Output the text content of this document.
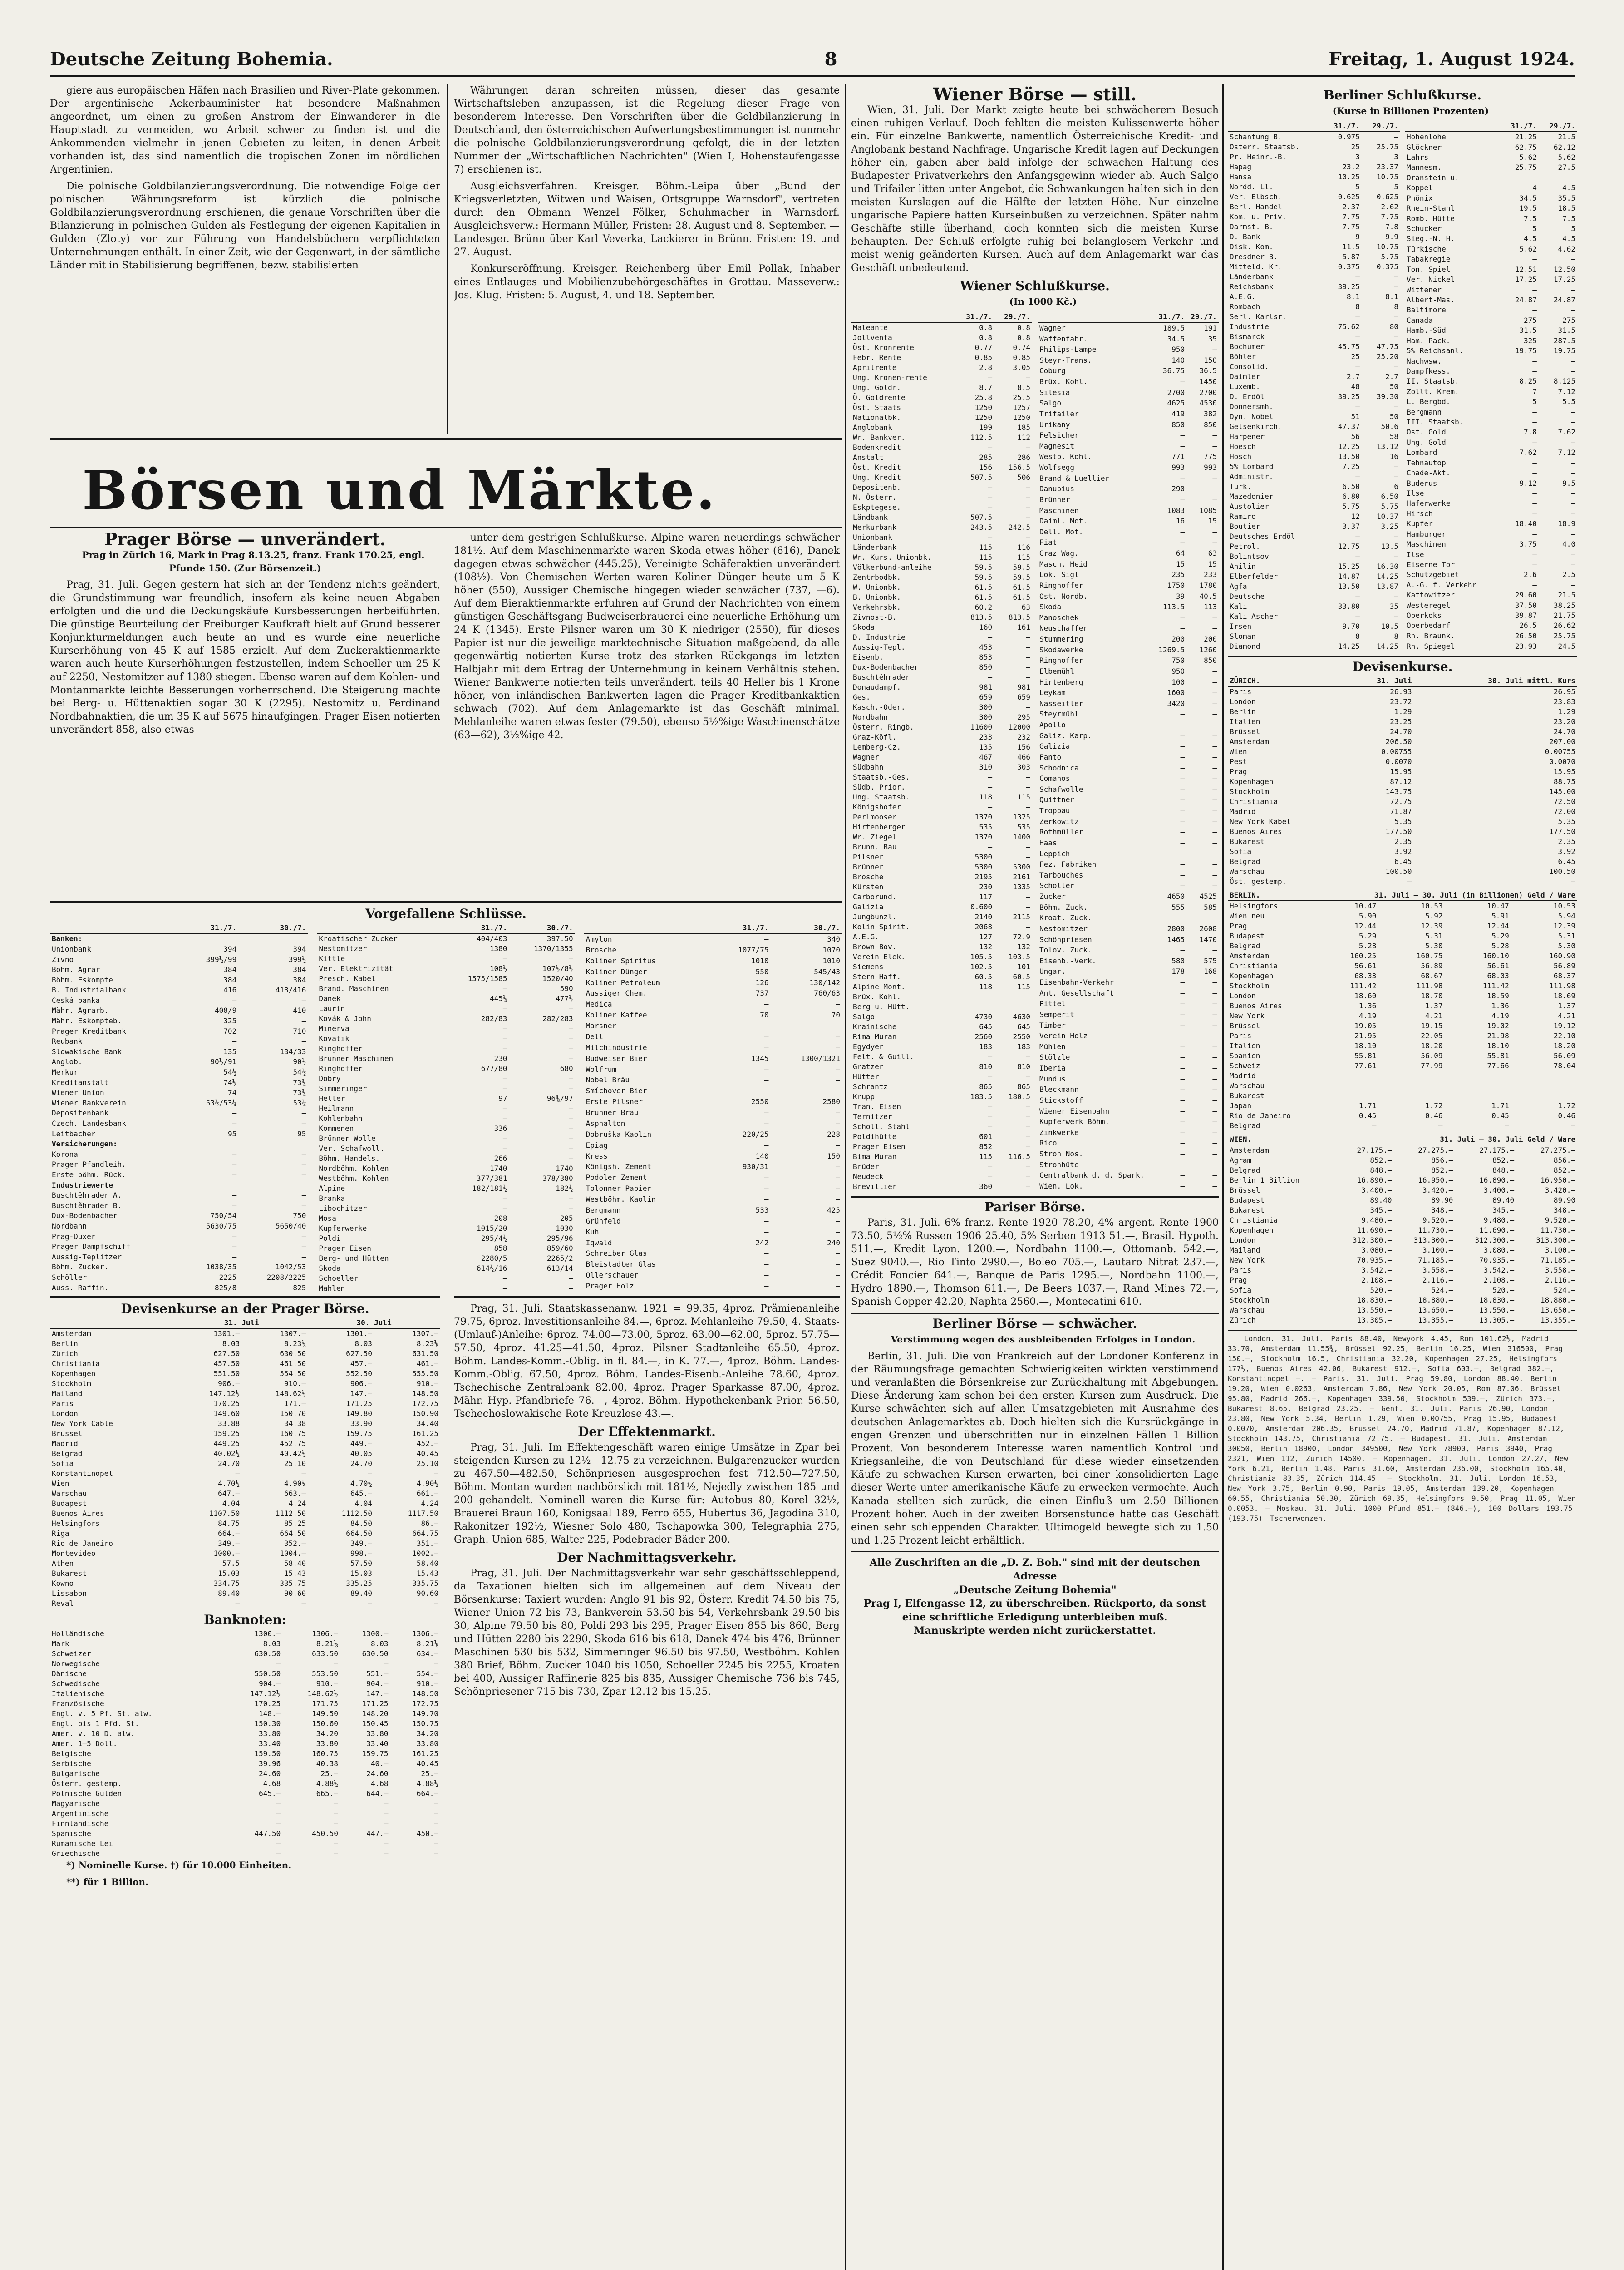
Deutsche Zeitung Bohemia.	8	Freitag, 1. August 1924.

giere aus europäischen Häfen nach Brasilien und River-Plate gekommen. Der argentinische Ackerbauminister hat besondere Maßnahmen angeordnet, um einen zu großen Anstrom der Einwanderer in die Hauptstadt zu vermeiden, wo Arbeit schwer zu finden ist und die Ankommenden vielmehr in jenen Gebieten zu leiten, in denen Arbeit vorhanden ist, das sind namentlich die tropischen Zonen im nördlichen Argentinien.

Die polnische Goldbilanzierungsverordnung. Die notwendige Folge der polnischen Währungsreform ist kürzlich die polnische Goldbilanzierungsverordnung erschienen, die genaue Vorschriften über die Bilanzierung in polnischen Gulden als Festlegung der eigenen Kapitalien in Gulden (Zloty) vor zur Führung von Handelsbüchern verpflichteten Unternehmungen enthält. In einer Zeit, wie der Gegenwart, in der sämtliche Länder mit in Stabilisierung begriffenen, bezw. stabilisierten

Währungen daran schreiten müssen, dieser das gesamte Wirtschaftsleben anzupassen, ist die Regelung dieser Frage von besonderem Interesse. Den Vorschriften über die Goldbilanzierung in Deutschland, den österreichischen Aufwertungsbestimmungen ist nunmehr die polnische Goldbilanzierungsverordnung gefolgt, die in der letzten Nummer der „Wirtschaftlichen Nachrichten" (Wien I, Hohenstaufengasse 7) erschienen ist.

Ausgleichsverfahren. Kreisger. Böhm.-Leipa über „Bund der Kriegsverletzten, Witwen und Waisen, Ortsgruppe Warnsdorf", vertreten durch den Obmann Wenzel Fölker, Schuhmacher in Warnsdorf. Ausgleichsverw.: Hermann Müller, Fristen: 28. August und 8. September. — Landesger. Brünn über Karl Veverka, Lackierer in Brünn. Fristen: 19. und 27. August.

Konkurseröffnung. Kreisger. Reichenberg über Emil Pollak, Inhaber eines Entlauges und Mobilienzubehörgeschäftes in Grottau. Masseverw.: Jos. Klug. Fristen: 5. August, 4. und 18. September.

Börsen und Märkte.
Prager Börse — unverändert.

Prag in Zürich 16, Mark in Prag 8.13.25, franz. Frank 170.25, engl. Pfunde 150. (Zur Börsenzeit.)

Prag, 31. Juli. Gegen gestern hat sich an der Tendenz nichts geändert, die Grundstimmung war freundlich, insofern als keine neuen Abgaben erfolgten und die und die Deckungskäufe Kursbesserungen herbeiführten. Die günstige Beurteilung der Freiburger Kaufkraft hielt auf Grund besserer Konjunkturmeldungen auch heute an und es wurde eine neuerliche Kurserhöhung von 45 K auf 1585 erzielt. Auf dem Zuckeraktienmarkte waren auch heute Kurserhöhungen festzustellen, indem Schoeller um 25 K auf 2250, Nestomitzer auf 1380 stiegen. Ebenso waren auf dem Kohlen- und Montanmarkte leichte Besserungen vorherrschend. Die Steigerung machte bei Berg- u. Hüttenaktien sogar 30 K (2295). Nestomitz u. Ferdinand Nordbahnaktien, die um 35 K auf 5675 hinaufgingen. Prager Eisen notierten unverändert 858, also etwas

unter dem gestrigen Schlußkurse. Alpine waren neuerdings schwächer 181½. Auf dem Maschinenmarkte waren Skoda etwas höher (616), Danek dagegen etwas schwächer (445.25), Vereinigte Schäferaktien unverändert (108½). Von Chemischen Werten waren Koliner Dünger heute um 5 K höher (550), Aussiger Chemische hingegen wieder schwächer (737, —6). Auf dem Bieraktienmarkte erfuhren auf Grund der Nachrichten von einem günstigen Geschäftsgang Budweiserbrauerei eine neuerliche Erhöhung um 24 K (1345). Erste Pilsner waren um 30 K niedriger (2550), für dieses Papier ist nur die jeweilige marktechnische Situation maßgebend, da alle gegenwärtig notierten Kurse trotz des starken Rückgangs im letzten Halbjahr mit dem Ertrag der Unternehmung in keinem Verhältnis stehen. Wiener Bankwerte notierten teils unverändert, teils 40 Heller bis 1 Krone höher, von inländischen Bankwerten lagen die Prager Kreditbankaktien schwach (702). Auf dem Anlagemarkte ist das Geschäft minimal. Mehlanleihe waren etwas fester (79.50), ebenso 5½%ige Waschinenschätze (63—62), 3½%ige 42.

Vorgefallene Schlüsse.
	31./7.	30./7.
Banken:		
Unionbank	394	394
Zivno	399½/99	399½
Böhm. Agrar	384	384
Böhm. Eskompte	384	384
B. Industrialbank	416	413/416
Ceská banka	—	—
Mähr. Agrarb.	408/9	410
Mähr. Eskompteb.	325	—
Prager Kreditbank	702	710
Reubank	—	—
Slowakische Bank	135	134/33
Anglob.	90½/91	90½
Merkur	54½	54½
Kreditanstalt	74½	73¾
Wiener Union	74	73¾
Wiener Bankverein	53½/53¼	53¼
Depositenbank	—	—
Czech. Landesbank	—	—
Leitbacher	95	95
Versicherungen:		
Korona	—	—
Prager Pfandleih.	—	—
Erste böhm. Rück.	—	—
Industriewerte		
Buschtěhrader A.	—	—
Buschtěhrader B.	—	—
Dux-Bodenbacher	750/54	750
Nordbahn	5630/75	5650/40
Prag-Duxer	—	—
Prager Dampfschiff	—	—
Aussig-Teplitzer	—	—
Böhm. Zucker.	1038/35	1042/53
Schöller	2225	2208/2225
Auss. Raffin.	825/8	825

	31./7.	30./7.
Kroatischer Zucker	404/403	397.50
Nestomitzer	1380	1370/1355
Kittle	—	—
Ver. Elektrizität	108½	107½/8½
Presch. Kabel	1575/1585	1520/40
Brand. Maschinen	—	590
Danek	445¼	477½
Laurin	—	—
Kovák & John	282/83	282/283
Minerva	—	—
Kovatik	—	—
Ringhoffer	—	—
Brünner Maschinen	230	—
Ringhoffer	677/80	680
Dobry	—	—
Simmeringer	—	—
Heller	97	96⅜/97
Heilmann	—	—
Kohlenbahn	—	—
Kommenen	336	—
Brünner Wolle	—	—
Ver. Schafwoll.	—	—
Böhm. Handels.	266	—
Nordböhm. Kohlen	1740	1740
Westböhm. Kohlen	377/381	378/380
Alpine	182/181½	182½
Branka	—	—
Libochitzer	—	—
Mosa	208	205
Kupferwerke	1015/20	1030
Poldi	295/4½	295/96
Prager Eisen	858	859/60
Berg- und Hütten	2280/5	2265/2
Skoda	614½/16	613/14
Schoeller	—	—
Mahlen	—	—

	31./7.	30./7.
Amylon	—	340
Brosche	1077/75	1070
Koliner Spiritus	1010	1010
Koliner Dünger	550	545/43
Koliner Petroleum	126	130/142
Aussiger Chem.	737	760/63
Medica	—	—
Koliner Kaffee	70	70
Marsner	—	—
Dell	—	—
Milchindustrie	—	—
Budweiser Bier	1345	1300/1321
Wolfrum	—	—
Nobel Bräu	—	—
Smíchover Bier	—	—
Erste Pilsner	2550	2580
Brünner Bräu	—	—
Asphalton	—	—
Dobruška Kaolin	220/25	228
Epiag	—	—
Kress	140	150
Königsh. Zement	930/31	—
Podoler Zement	—	—
Tolonner Papier	—	—
Westböhm. Kaolin	—	—
Bergmann	533	425
Grünfeld	—	—
Kuh	—	—
Iqwald	242	240
Schreiber Glas	—	—
Bleistadter Glas	—	—
Ollerschauer	—	—
Prager Holz	—	—

Devisenkurse an der Prager Börse.
	31. Juli		30. Juli	
Amsterdam	1301.—	1307.—	1301.—	1307.—
Berlin	8.03	8.23⅛	8.03	8.23⅛
Zürich	627.50	630.50	627.50	631.50
Christiania	457.50	461.50	457.—	461.—
Kopenhagen	551.50	554.50	552.50	555.50
Stockholm	906.—	910.—	906.—	910.—
Mailand	147.12½	148.62½	147.—	148.50
Paris	170.25	171.—	171.25	172.75
London	149.60	150.70	149.80	150.90
New York Cable	33.88	34.38	33.90	34.40
Brüssel	159.25	160.75	159.75	161.25
Madrid	449.25	452.75	449.—	452.—
Belgrad	40.02½	40.42½	40.05	40.45
Sofia	24.70	25.10	24.70	25.10
Konstantinopel	—	—	—	—
Wien	4.70½	4.90¼	4.70½	4.90½
Warschau	647.—	663.—	645.—	661.—
Budapest	4.04	4.24	4.04	4.24
Buenos Aires	1107.50	1112.50	1112.50	1117.50
Helsingfors	84.75	85.25	84.50	86.—
Riga	664.—	664.50	664.50	664.75
Rio de Janeiro	349.—	352.—	349.—	351.—
Montevideo	1000.—	1004.—	998.—	1002.—
Athen	57.5	58.40	57.50	58.40
Bukarest	15.03	15.43	15.03	15.43
Kowno	334.75	335.75	335.25	335.75
Lissabon	89.40	90.60	89.40	90.60
Reval	—	—	—	—
Banknoten:
Holländische	1300.—	1306.—	1300.—	1306.—
Mark	8.03	8.21⅛	8.03	8.21⅛
Schweizer	630.50	633.50	630.50	634.—
Norwegische	—	—	—	—
Dänische	550.50	553.50	551.—	554.—
Schwedische	904.—	910.—	904.—	910.—
Italienische	147.12½	148.62½	147.—	148.50
Französische	170.25	171.75	171.25	172.75
Engl. v. 5 Pf. St. alw.	148.—	149.50	148.20	149.70
Engl. bis 1 Pfd. St.	150.30	150.60	150.45	150.75
Amer. v. 10 D. alw.	33.80	34.20	33.80	34.20
Amer. 1—5 Doll.	33.40	33.80	33.40	33.80
Belgische	159.50	160.75	159.75	161.25
Serbische	39.96	40.38	40.—	40.45
Bulgarische	24.60	25.—	24.60	25.—
Österr. gestemp.	4.68	4.88½	4.68	4.88½
Polnische Gulden	645.—	665.—	644.—	664.—
Magyarische	—	—	—	—
Argentinische	—	—	—	—
Finnländische	—	—	—	—
Spanische	447.50	450.50	447.—	450.—
Rumänische Lei	—	—	—	—
Griechische	—	—	—	—

*) Nominelle Kurse. †) für 10.000 Einheiten.

**) für 1 Billion.

Prag, 31. Juli. Staatskassenanw. 1921 = 99.35, 4proz. Prämienanleihe 79.75, 6proz. Investitionsanleihe 84.—, 6proz. Mehlanleihe 79.50, 4. Staats-(Umlauf-)Anleihe: 6proz. 74.00—73.00, 5proz. 63.00—62.00, 5proz. 57.75—57.50, 4proz. 41.25—41.50, 4proz. Pilsner Stadtanleihe 65.50, 4proz. Böhm. Landes-Komm.-Oblig. in fl. 84.—, in K. 77.—, 4proz. Böhm. Landes-Komm.-Oblig. 67.50, 4proz. Böhm. Landes-Eisenb.-Anleihe 78.60, 4proz. Tschechische Zentralbank 82.00, 4proz. Prager Sparkasse 87.00, 4proz. Mähr. Hyp.-Pfandbriefe 76.—, 4proz. Böhm. Hypothekenbank Prior. 56.50, Tschechoslowakische Rote Kreuzlose 43.—.

Der Effektenmarkt.

Prag, 31. Juli. Im Effektengeschäft waren einige Umsätze in Zpar bei steigenden Kursen zu 12½—12.75 zu verzeichnen. Bulgarenzucker wurden zu 467.50—482.50, Schönpriesen ausgesprochen fest 712.50—727.50, Böhm. Montan wurden nachbörslich mit 181½, Nejedly zwischen 185 und 200 gehandelt. Nominell waren die Kurse für: Autobus 80, Korel 32½, Brauerei Braun 160, Konigsaal 189, Ferro 655, Hubertus 36, Jagodina 310, Rakonitzer 192½, Wiesner Solo 480, Tschapowka 300, Telegraphia 275, Graph. Union 685, Walter 225, Podebrader Bäder 200.

Der Nachmittagsverkehr.

Prag, 31. Juli. Der Nachmittagsverkehr war sehr geschäftsschleppend, da Taxationen hielten sich im allgemeinen auf dem Niveau der Börsenkurse: Taxiert wurden: Anglo 91 bis 92, Österr. Kredit 74.50 bis 75, Wiener Union 72 bis 73, Bankverein 53.50 bis 54, Verkehrsbank 29.50 bis 30, Alpine 79.50 bis 80, Poldi 293 bis 295, Prager Eisen 855 bis 860, Berg und Hütten 2280 bis 2290, Skoda 616 bis 618, Danek 474 bis 476, Brünner Maschinen 530 bis 532, Simmeringer 96.50 bis 97.50, Westböhm. Kohlen 380 Brief, Böhm. Zucker 1040 bis 1050, Schoeller 2245 bis 2255, Kroaten bei 400, Aussiger Raffinerie 825 bis 835, Aussiger Chemische 736 bis 745, Schönpriesener 715 bis 730, Zpar 12.12 bis 15.25.

Wiener Börse — still.

Wien, 31. Juli. Der Markt zeigte heute bei schwächerem Besuch einen ruhigen Verlauf. Doch fehlten die meisten Kulissenwerte höher ein. Für einzelne Bankwerte, namentlich Österreichische Kredit- und Anglobank bestand Nachfrage. Ungarische Kredit lagen auf Deckungen höher ein, gaben aber bald infolge der schwachen Haltung des Budapester Privatverkehrs den Anfangsgewinn wieder ab. Auch Salgo und Trifailer litten unter Angebot, die Schwankungen halten sich in den meisten Kurslagen auf die Hälfte der letzten Höhe. Nur einzelne ungarische Papiere hatten Kurseinbußen zu verzeichnen. Später nahm Geschäfte stille überhand, doch konnten sich die meisten Kurse behaupten. Der Schluß erfolgte ruhig bei belanglosem Verkehr und meist wenig geänderten Kursen. Auch auf dem Anlagemarkt war das Geschäft unbedeutend.

Wiener Schlußkurse.

(In 1000 Kč.)

	31./7.	29./7.
Maleante	0.8	0.8
Jollventa	0.8	0.8
Öst. Kronrente	0.77	0.74
Febr. Rente	0.85	0.85
Aprilrente	2.8	3.05
Ung. Kronen-rente	—	—
Ung. Goldr.	8.7	8.5
Ö. Goldrente	25.8	25.5
Öst. Staats	1250	1257
Nationalbk.	1250	1250
Anglobank	199	185
Wr. Bankver.	112.5	112
Bodenkredit	—	—
Anstalt	285	286
Öst. Kredit	156	156.5
Ung. Kredit	507.5	506
Depositenb.	—	—
N. Österr.	—	—
Eskptegese.	—	—
Ländbank	507.5	—
Merkurbank	243.5	242.5
Unionbank	—	—
Länderbank	115	116
Wr. Kurs. Unionbk.	115	115
Völkerbund-anleihe	59.5	59.5
Zentrbodbk.	59.5	59.5
W. Unionbk.	61.5	61.5
B. Unionbk.	61.5	61.5
Verkehrsbk.	60.2	63
Zivnost-B.	813.5	813.5
Skoda	160	161
D. Industrie	—	—
Aussig-Tepl.	453	—
Eisenb.	853	—
Dux-Bodenbacher	850	—
Buschtěhrader	—	—
Donaudampf.	981	981
Ges.	659	659
Kasch.-Oder.	300	—
Nordbahn	300	295
Österr. Ringb.	11600	12000
Graz-Köfl.	233	232
Lemberg-Cz.	135	156
Wagner	467	466
Südbahn	310	303
Staatsb.-Ges.	—	—
Südb. Prior.	—	—
Ung. Staatsb.	118	115
Königshofer	—	—
Perlmooser	1370	1325
Hirtenberger	535	535
Wr. Ziegel	1370	1400
Brunn. Bau	—	—
Pilsner	5300	—
Brünner	5300	5300
Brosche	2195	2161
Kürsten	230	1335
Carborund.	117	—
Galizia	0.600	—
Jungbunzl.	2140	2115
Kolin Spirit.	2068	—
A.E.G.	127	72.9
Brown-Bov.	132	132
Verein Elek.	105.5	103.5
Siemens	102.5	101
Stern-Haff.	60.5	60.5
Alpine Mont.	118	115
Brüx. Kohl.	—	—
Berg-u. Hütt.	—	—
Salgo	4730	4630
Krainische	645	645
Rima Muran	2560	2550
Egydyer	183	183
Felt. & Guill.	—	—
Gratzer	810	810
Hütter	—	—
Schrantz	865	865
Krupp	183.5	180.5
Tran. Eisen	—	—
Ternitzer	—	—
Scholl. Stahl	—	—
Poldihütte	601	—
Prager Eisen	852	—
Bima Muran	115	116.5
Brüder	—	—
Neudeck	—	—
Brevillier	360	—
	31./7.	29./7.
Wagner	189.5	191
Waffenfabr.	34.5	35
Philips-Lampe	950	—
Steyr-Trans.	140	150
Coburg	36.75	36.5
Brüx. Kohl.	—	1450
Silesia	2700	2700
Salgo	4625	4530
Trifailer	419	382
Urikany	850	850
Felsicher	—	—
Magnesit	—	—
Westb. Kohl.	771	775
Wolfsegg	993	993
Brand & Luellier	—	—
Danubius	290	—
Brünner	—	—
Maschinen	1083	1085
Daiml. Mot.	16	15
Dell. Mot.	—	—
Fiat	—	—
Graz Wag.	64	63
Masch. Heid	15	15
Lok. Sigl	235	233
Ringhoffer	1750	1780
Ost. Nordb.	39	40.5
Skoda	113.5	113
Manoschek	—	—
Neuschaffer	—	—
Stummering	200	200
Skodawerke	1269.5	1260
Ringhoffer	750	850
Elbemühl	950	—
Hirtenberg	100	—
Leykam	1600	—
Nasseitler	3420	—
Steyrmühl	—	—
Apollo	—	—
Galiz. Karp.	—	—
Galizia	—	—
Fanto	—	—
Schodnica	—	—
Comanos	—	—
Schafwolle	—	—
Quittner	—	—
Troppau	—	—
Zerkowitz	—	—
Rothmüller	—	—
Haas	—	—
Leppich	—	—
Fez. Fabriken	—	—
Tarbouches	—	—
Schöller	—	—
Zucker	4650	4525
Böhm. Zuck.	555	585
Kroat. Zuck.	—	—
Nestomitzer	2800	2608
Schönpriesen	1465	1470
Tolov. Zuck.	—	—
Eisenb.-Verk.	580	575
Ungar.	178	168
Eisenbahn-Verkehr	—	—
Ant. Gesellschaft	—	—
Pittel	—	—
Semperit	—	—
Timber	—	—
Verein Holz	—	—
Mühlen	—	—
Stölzle	—	—
Iberia	—	—
Mundus	—	—
Bleckmann	—	—
Stickstoff	—	—
Wiener Eisenbahn	—	—
Kupferwerk Böhm.	—	—
Zinkwerke	—	—
Rico	—	—
Stroh Nos.	—	—
Strohhüte	—	—
Centralbank d. d. Spark.	—	—
Wien. Lok.	—	—
Pariser Börse.

Paris, 31. Juli. 6% franz. Rente 1920 78.20, 4% argent. Rente 1900 73.50, 5½% Russen 1906 25.40, 5% Serben 1913 51.—, Brasil. Hypoth. 511.—, Kredit Lyon. 1200.—, Nordbahn 1100.—, Ottomanb. 542.—, Suez 9040.—, Rio Tinto 2990.—, Boleo 705.—, Lautaro Nitrat 237.—, Crédit Foncier 641.—, Banque de Paris 1295.—, Nordbahn 1100.—, Hydro 1890.—, Thomson 611.—, De Beers 1037.—, Rand Mines 72.—, Spanish Copper 42.20, Naphta 2560.—, Montecatini 610.

Berliner Börse — schwächer.

Verstimmung wegen des ausbleibenden Erfolges in London.

Berlin, 31. Juli. Die von Frankreich auf der Londoner Konferenz in der Räumungsfrage gemachten Schwierigkeiten wirkten verstimmend und veranlaßten die Börsenkreise zur Zurückhaltung mit Abgebungen. Diese Änderung kam schon bei den ersten Kursen zum Ausdruck. Die Kurse schwächten sich auf allen Umsatzgebieten mit Ausnahme des deutschen Anlagemarktes ab. Doch hielten sich die Kursrückgänge in engen Grenzen und überschritten nur in einzelnen Fällen 1 Billion Prozent. Von besonderem Interesse waren namentlich Kontrol und Kriegsanleihe, die von Deutschland für diese wieder einsetzenden Käufe zu schwachen Kursen erwarten, bei einer konsolidierten Lage dieser Werte unter amerikanische Käufe zu erwecken vermochte. Auch Kanada stellten sich zurück, die einen Einfluß um 2.50 Billionen Prozent höher. Auch in der zweiten Börsenstunde hatte das Geschäft einen sehr schleppenden Charakter. Ultimogeld bewegte sich zu 1.50 und 1.25 Prozent leicht erhältlich.

Alle Zuschriften an die „D. Z. Boh." sind mit der deutschen Adresse
„Deutsche Zeitung Bohemia"
Prag I, Elfengasse 12, zu überschreiben. Rückporto, da sonst eine schriftliche Erledigung unterbleiben muß.
Manuskripte werden nicht zurückerstattet.
Berliner Schlußkurse.

(Kurse in Billionen Prozenten)

	31./7.	29./7.
Schantung B.	0.975	—
Österr. Staatsb.	25	25.75
Pr. Heinr.-B.	3	3
Hapag	23.2	23.37
Hansa	10.25	10.75
Nordd. Ll.	5	5
Ver. Elbsch.	0.625	0.625
Berl. Handel	2.37	2.62
Kom. u. Priv.	7.75	7.75
Darmst. B.	7.75	7.8
D. Bank	9	9.9
Disk.-Kom.	11.5	10.75
Dresdner B.	5.87	5.75
Mitteld. Kr.	0.375	0.375
Länderbank	—	—
Reichsbank	39.25	—
A.E.G.	8.1	8.1
Rombach	8	8
Serl. Karlsr.	—	—
Industrie	75.62	80
Bismarck	—	—
Bochumer	45.75	47.75
Böhler	25	25.20
Consolid.	—	—
Daimler	2.7	2.7
Luxemb.	48	50
D. Erdöl	39.25	39.30
Donnersmh.	—	—
Dyn. Nobel	51	50
Gelsenkirch.	47.37	50.6
Harpener	56	58
Hoesch	12.25	13.12
Hösch	13.50	16
5% Lombard	7.25	—
Administr.	—	—
Türk.	6.50	6
Mazedonier	6.80	6.50
Austolier	5.75	5.75
Ramiro	12	10.37
Boutier	3.37	3.25
Deutsches Erdöl	—	—
Petrol.	12.75	13.5
Bolintsov	—	—
Anilin	15.25	16.30
Elberfelder	14.87	14.25
Agfa	13.50	13.87
Deutsche	—	—
Kali	33.80	35
Kali Ascher	—	—
Irsen	9.70	10.5
Sloman	8	8
Diamond	14.25	14.25
	31./7.	29./7.
Hohenlohe	21.25	21.5
Glöckner	62.75	62.12
Lahrs	5.62	5.62
Mannesm.	25.75	27.5
Oranstein u.	—	—
Koppel	4	4.5
Phönix	34.5	35.5
Rhein-Stahl	19.5	18.5
Romb. Hütte	7.5	7.5
Schucker	5	5
Sieg.-N. H.	4.5	4.5
Türkische	5.62	4.62
Tabakregie	—	—
Ton. Spiel	12.51	12.50
Ver. Nickel	17.25	17.25
Wittener	—	—
Albert-Mas.	24.87	24.87
Baltimore	—	—
Canada	275	275
Hamb.-Süd	31.5	31.5
Ham. Pack.	325	287.5
5% Reichsanl.	19.75	19.75
Nachwsw.	—	—
Dampfkess.	—	—
II. Staatsb.	8.25	8.125
Zollt. Krem.	7	7.12
L. Bergbd.	5	5.5
Bergmann	—	—
III. Staatsb.	—	—
Ost. Gold	7.8	7.62
Ung. Gold	—	—
Lombard	7.62	7.12
Tehnautop	—	—
Chade-Akt.	—	—
Buderus	9.12	9.5
Ilse	—	—
Haferwerke	—	—
Hirsch	—	—
Kupfer	18.40	18.9
Hamburger	—	—
Maschinen	3.75	4.0
Ilse	—	—
Eiserne Tor	—	—
Schutzgebiet	2.6	2.5
A.-G. f. Verkehr	—	—
Kattowitzer	29.60	21.5
Westeregel	37.50	38.25
Oberkoks	39.87	21.75
Oberbedarf	26.5	26.62
Rh. Braunk.	26.50	25.75
Rh. Spiegel	23.93	24.5
Devisenkurse.
ZÜRICH.	31. Juli	30. Juli mittl. Kurs
Paris	26.93	26.95
London	23.72	23.83
Berlin	1.29	1.29
Italien	23.25	23.20
Brüssel	24.70	24.70
Amsterdam	206.50	207.00
Wien	0.00755	0.00755
Pest	0.0070	0.0070
Prag	15.95	15.95
Kopenhagen	87.12	88.75
Stockholm	143.75	145.00
Christiania	72.75	72.50
Madrid	71.87	72.00
New York Kabel	5.35	5.35
Buenos Aires	177.50	177.50
Bukarest	2.35	2.35
Sofia	3.92	3.92
Belgrad	6.45	6.45
Warschau	100.50	100.50
Öst. gestemp.	—	—
BERLIN.	31. Juli — 30. Juli (in Billionen) Geld / Ware			
Helsingfors	10.47	10.53	10.47	10.53
Wien neu	5.90	5.92	5.91	5.94
Prag	12.44	12.39	12.44	12.39
Budapest	5.29	5.31	5.29	5.31
Belgrad	5.28	5.30	5.28	5.30
Amsterdam	160.25	160.75	160.10	160.90
Christiania	56.61	56.89	56.61	56.89
Kopenhagen	68.33	68.67	68.03	68.37
Stockholm	111.42	111.98	111.42	111.98
London	18.60	18.70	18.59	18.69
Buenos Aires	1.36	1.37	1.36	1.37
New York	4.19	4.21	4.19	4.21
Brüssel	19.05	19.15	19.02	19.12
Paris	21.95	22.05	21.98	22.10
Italien	18.10	18.20	18.10	18.20
Spanien	55.81	56.09	55.81	56.09
Schweiz	77.61	77.99	77.66	78.04
Madrid	—	—	—	—
Warschau	—	—	—	—
Bukarest	—	—	—	—
Japan	1.71	1.72	1.71	1.72
Rio de Janeiro	0.45	0.46	0.45	0.46
Belgrad	—	—	—	—
WIEN.	31. Juli — 30. Juli Geld / Ware			
Amsterdam	27.175.—	27.275.—	27.175.—	27.275.—
Agram	852.—	856.—	852.—	856.—
Belgrad	848.—	852.—	848.—	852.—
Berlin 1 Billion	16.890.—	16.950.—	16.890.—	16.950.—
Brüssel	3.400.—	3.420.—	3.400.—	3.420.—
Budapest	89.40	89.90	89.40	89.90
Bukarest	345.—	348.—	345.—	348.—
Christiania	9.480.—	9.520.—	9.480.—	9.520.—
Kopenhagen	11.690.—	11.730.—	11.690.—	11.730.—
London	312.300.—	313.300.—	312.300.—	313.300.—
Mailand	3.080.—	3.100.—	3.080.—	3.100.—
New York	70.935.—	71.185.—	70.935.—	71.185.—
Paris	3.542.—	3.558.—	3.542.—	3.558.—
Prag	2.108.—	2.116.—	2.108.—	2.116.—
Sofia	520.—	524.—	520.—	524.—
Stockholm	18.830.—	18.880.—	18.830.—	18.880.—
Warschau	13.550.—	13.650.—	13.550.—	13.650.—
Zürich	13.305.—	13.355.—	13.305.—	13.355.—

London. 31. Juli. Paris 88.40, Newyork 4.45, Rom 101.62½, Madrid 33.70, Amsterdam 11.55¾, Brüssel 92.25, Berlin 16.25, Wien 316500, Prag 150.—, Stockholm 16.5, Christiania 32.20, Kopenhagen 27.25, Helsingfors 177½, Buenos Aires 42.06, Bukarest 912.—, Sofia 603.—, Belgrad 382.—, Konstantinopel —. — Paris. 31. Juli. Prag 59.80, London 88.40, Berlin 19.20, Wien 0.0263, Amsterdam 7.86, New York 20.05, Rom 87.06, Brüssel 95.80, Madrid 266.—, Kopenhagen 339.50, Stockholm 539.—, Zürich 373.—, Bukarest 8.65, Belgrad 23.25. — Genf. 31. Juli. Paris 26.90, London 23.80, New York 5.34, Berlin 1.29, Wien 0.00755, Prag 15.95, Budapest 0.0070, Amsterdam 206.35, Brüssel 24.70, Madrid 71.87, Kopenhagen 87.12, Stockholm 143.75, Christiania 72.75. — Budapest. 31. Juli. Amsterdam 30050, Berlin 18900, London 349500, New York 78900, Paris 3940, Prag 2321, Wien 112, Zürich 14500. — Kopenhagen. 31. Juli. London 27.27, New York 6.21, Berlin 1.48, Paris 31.60, Amsterdam 236.00, Stockholm 165.40, Christiania 83.35, Zürich 114.45. — Stockholm. 31. Juli. London 16.53, New York 3.75, Berlin 0.90, Paris 19.05, Amsterdam 139.20, Kopenhagen 60.55, Christiania 50.30, Zürich 69.35, Helsingfors 9.50, Prag 11.05, Wien 0.0053. — Moskau. 31. Juli. 1000 Pfund 851.— (846.—), 100 Dollars 193.75 (193.75) Tscherwonzen.
